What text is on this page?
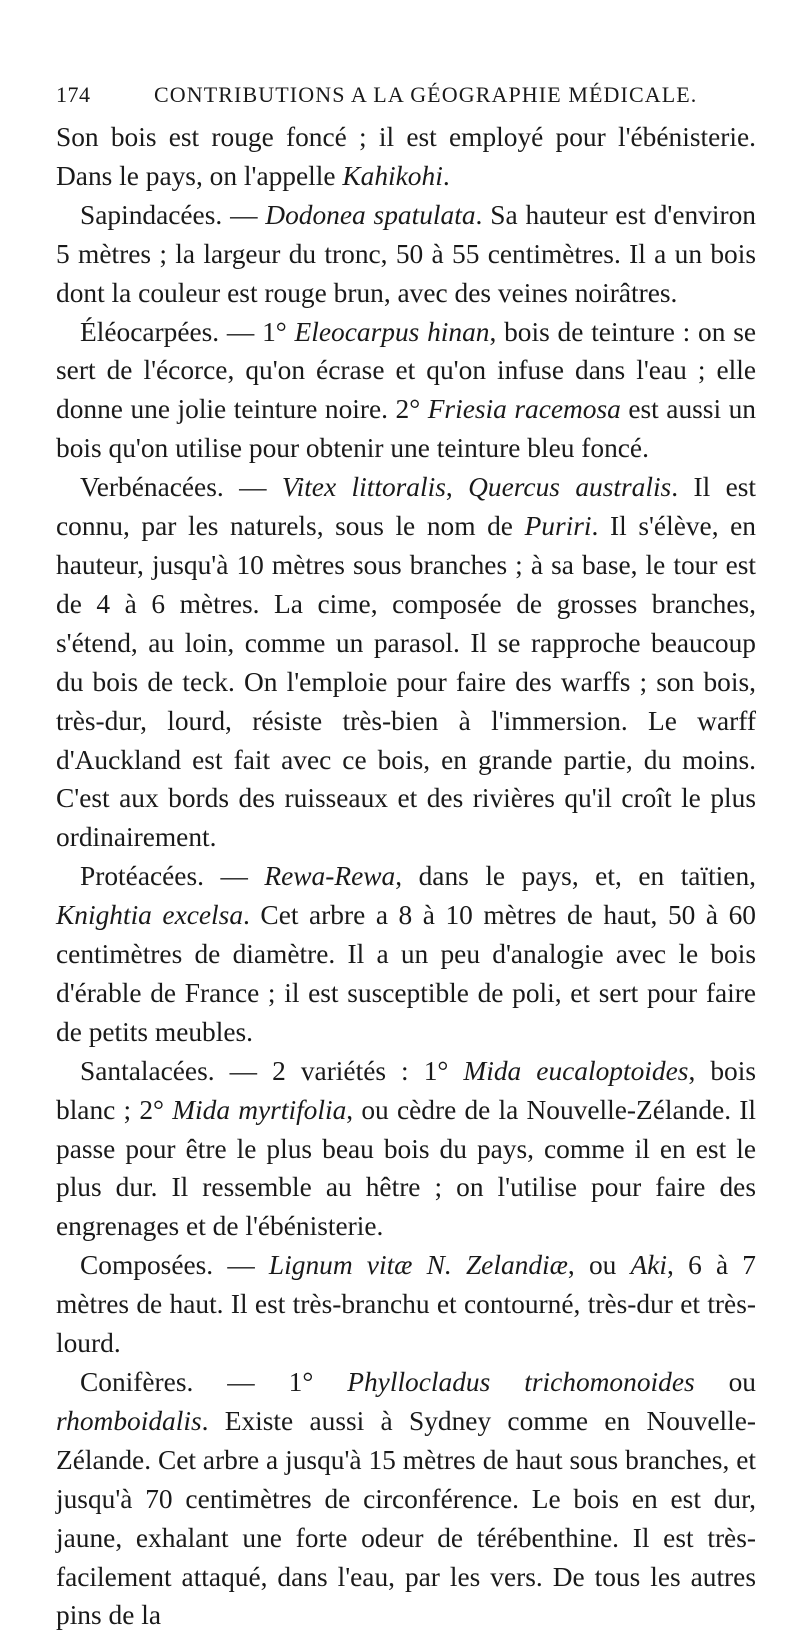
174	CONTRIBUTIONS A LA GÉOGRAPHIE MÉDICALE.

Son bois est rouge foncé ; il est employé pour l'ébénisterie. Dans le pays, on l'appelle Kahikohi.

Sapindacées. — Dodonea spatulata. Sa hauteur est d'environ 5 mètres ; la largeur du tronc, 50 à 55 centimètres. Il a un bois dont la couleur est rouge brun, avec des veines noirâtres.

Éléocarpées. — 1° Eleocarpus hinan, bois de teinture : on se sert de l'écorce, qu'on écrase et qu'on infuse dans l'eau ; elle donne une jolie teinture noire. 2° Friesia racemosa est aussi un bois qu'on utilise pour obtenir une teinture bleu foncé.

Verbénacées. — Vitex littoralis, Quercus australis. Il est connu, par les naturels, sous le nom de Puriri. Il s'élève, en hauteur, jusqu'à 10 mètres sous branches ; à sa base, le tour est de 4 à 6 mètres. La cime, composée de grosses branches, s'étend, au loin, comme un parasol. Il se rapproche beaucoup du bois de teck. On l'emploie pour faire des warffs ; son bois, très-dur, lourd, résiste très-bien à l'immersion. Le warff d'Auckland est fait avec ce bois, en grande partie, du moins. C'est aux bords des ruisseaux et des rivières qu'il croît le plus ordinairement.

Protéacées. — Rewa-Rewa, dans le pays, et, en taïtien, Knightia excelsa. Cet arbre a 8 à 10 mètres de haut, 50 à 60 centimètres de diamètre. Il a un peu d'analogie avec le bois d'érable de France ; il est susceptible de poli, et sert pour faire de petits meubles.

Santalacées. — 2 variétés : 1° Mida eucaloptoides, bois blanc ; 2° Mida myrtifolia, ou cèdre de la Nouvelle-Zélande. Il passe pour être le plus beau bois du pays, comme il en est le plus dur. Il ressemble au hêtre ; on l'utilise pour faire des engrenages et de l'ébénisterie.

Composées. — Lignum vitæ N. Zelandiæ, ou Aki, 6 à 7 mètres de haut. Il est très-branchu et contourné, très-dur et très-lourd.

Conifères. — 1° Phyllocladus trichomonoides ou rhomboidalis. Existe aussi à Sydney comme en Nouvelle-Zélande. Cet arbre a jusqu'à 15 mètres de haut sous branches, et jusqu'à 70 centimètres de circonférence. Le bois en est dur, jaune, exhalant une forte odeur de térébenthine. Il est très-facilement attaqué, dans l'eau, par les vers. De tous les autres pins de la
